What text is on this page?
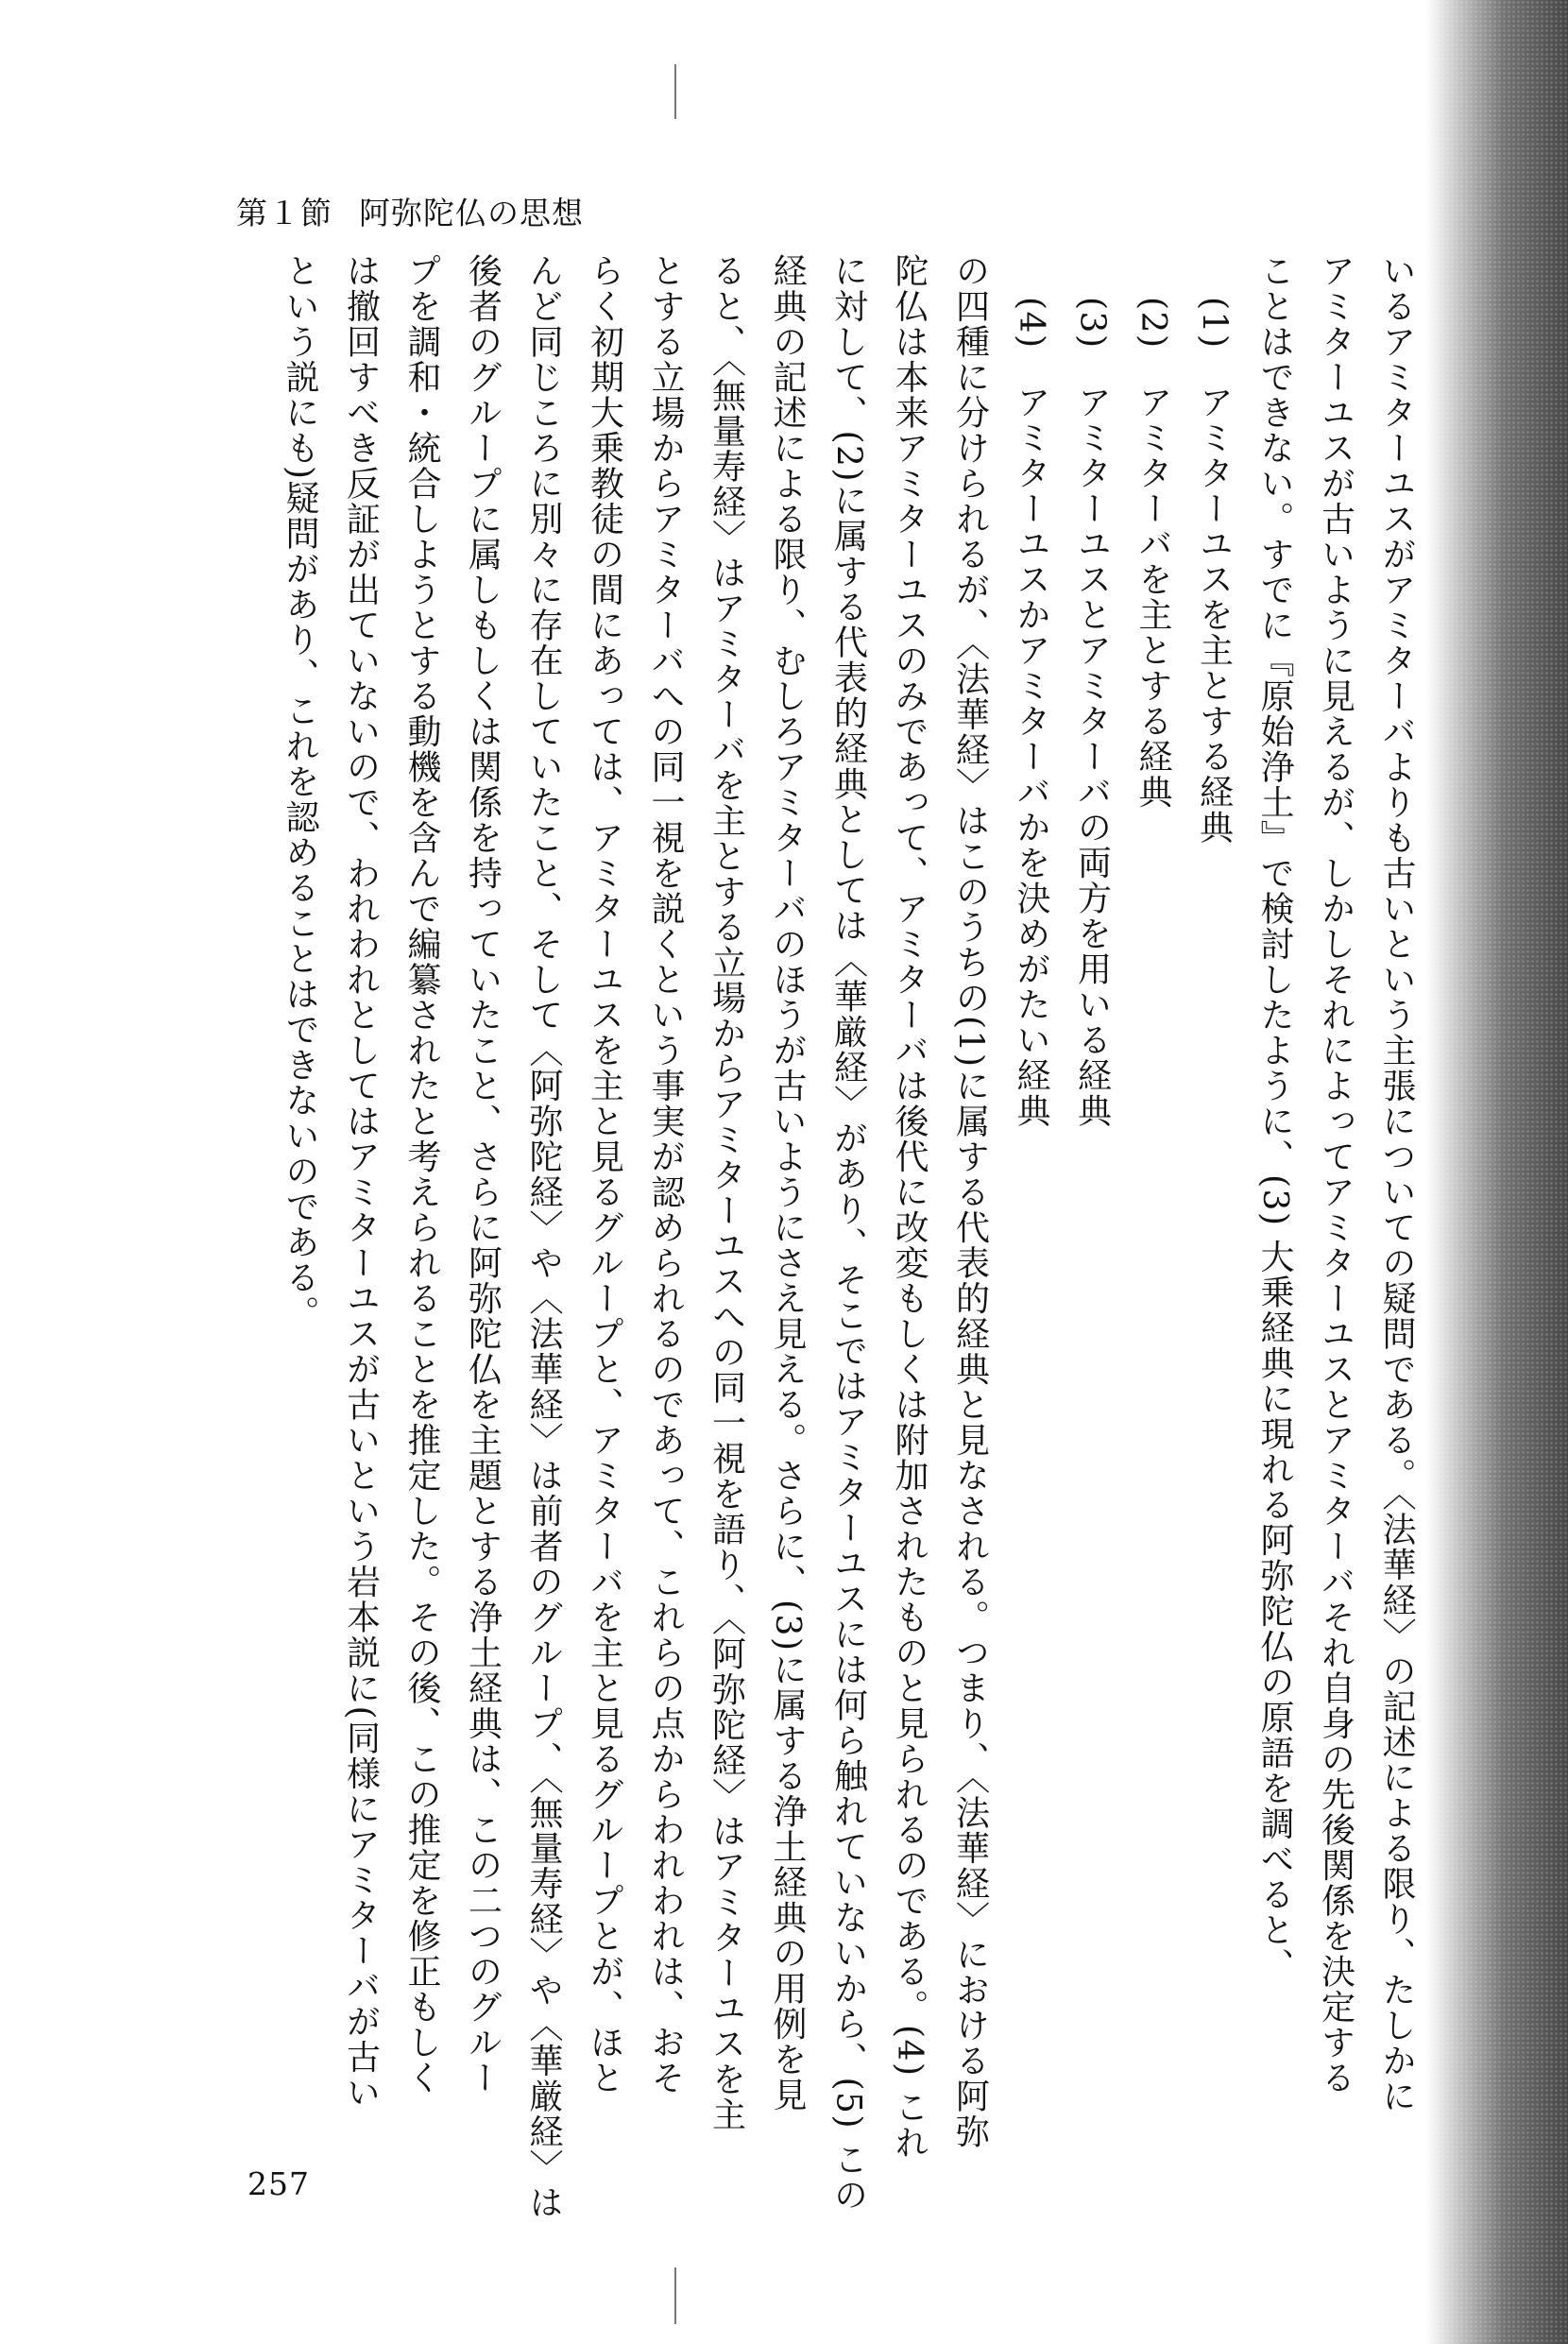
第１節 阿弥陀仏の思想
いるアミターユスがアミターバよりも古いという主張についての疑問である。〈法華経〉の記述による限り、たしかに
アミターユスが古いように見えるが、しかしそれによってアミターユスとアミターバそれ自身の先後関係を決定する
ことはできない。すでに『原始浄土』で検討したように、(3) 大乗経典に現れる阿弥陀仏の原語を調べると、
(1)　アミターユスを主とする経典
(2)　アミターバを主とする経典
(3)　アミターユスとアミターバの両方を用いる経典
(4)　アミターユスかアミターバかを決めがたい経典
の四種に分けられるが、〈法華経〉はこのうちの(1)に属する代表的経典と見なされる。つまり、〈法華経〉における阿弥
陀仏は本来アミターユスのみであって、アミターバは後代に改変もしくは附加されたものと見られるのである。(4) これ
に対して、(2)に属する代表的経典としては〈華厳経〉があり、そこではアミターユスには何ら触れていないから、(5) この
経典の記述による限り、むしろアミターバのほうが古いようにさえ見える。さらに、(3)に属する浄土経典の用例を見
ると、〈無量寿経〉はアミターバを主とする立場からアミターユスへの同一視を語り、〈阿弥陀経〉はアミターユスを主
とする立場からアミターバへの同一視を説くという事実が認められるのであって、これらの点からわれわれは、おそ
らく初期大乗教徒の間にあっては、アミターユスを主と見るグループと、アミターバを主と見るグループとが、ほと
んど同じころに別々に存在していたこと、そして〈阿弥陀経〉や〈法華経〉は前者のグループ、〈無量寿経〉や〈華厳経〉は
後者のグループに属しもしくは関係を持っていたこと、さらに阿弥陀仏を主題とする浄土経典は、この二つのグルー
プを調和・統合しようとする動機を含んで編纂されたと考えられることを推定した。その後、この推定を修正もしく
は撤回すべき反証が出ていないので、われわれとしてはアミターユスが古いという岩本説に(同様にアミターバが古い
という説にも)疑問があり、これを認めることはできないのである。
257
